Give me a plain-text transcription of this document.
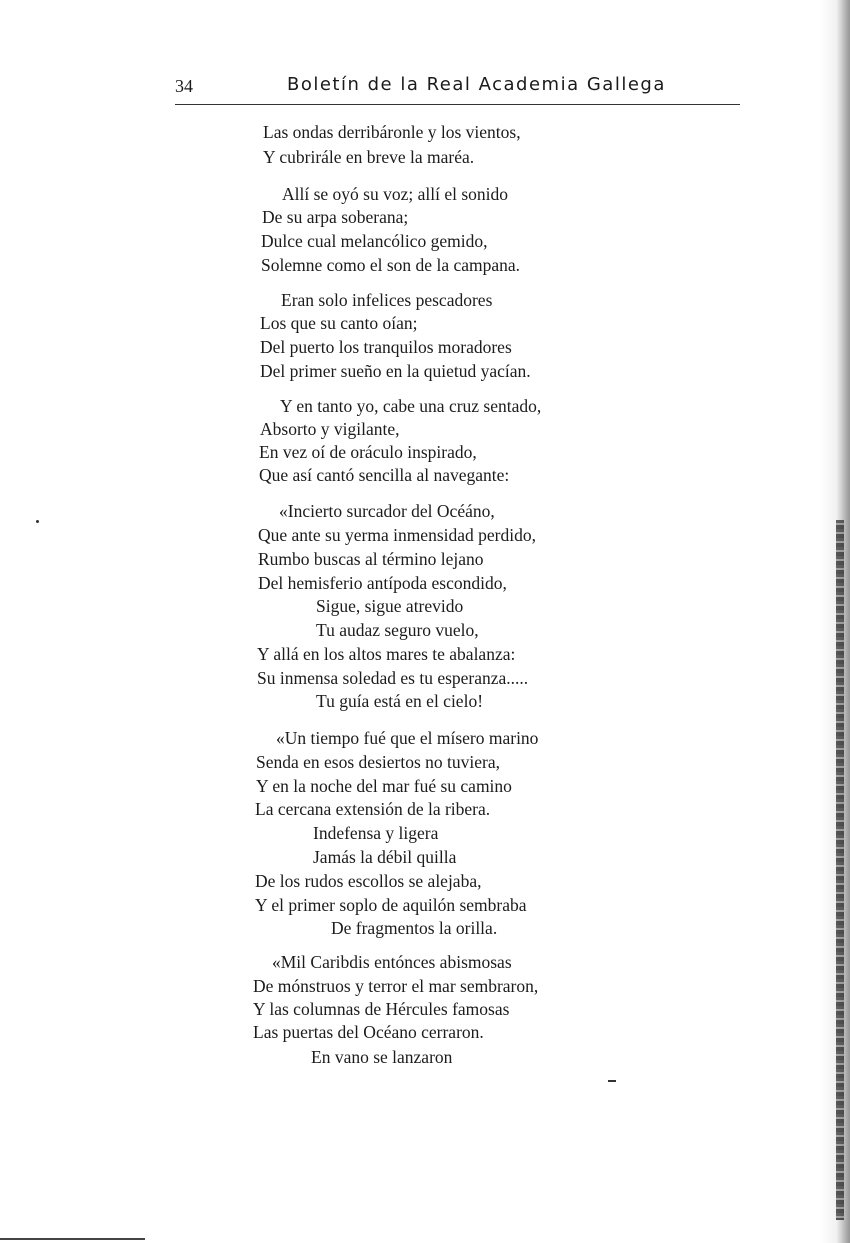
34	Boletín de la Real Academia Gallega
Las ondas derribáronle y los vientos,
Y cubrirále en breve la maréa.
Allí se oyó su voz; allí el sonido
De su arpa soberana;
Dulce cual melancólico gemido,
Solemne como el son de la campana.
Eran solo infelices pescadores
Los que su canto oían;
Del puerto los tranquilos moradores
Del primer sueño en la quietud yacían.
Y en tanto yo, cabe una cruz sentado,
Absorto y vigilante,
En vez oí de oráculo inspirado,
Que así cantó sencilla al navegante:
«Incierto surcador del Océáno,
Que ante su yerma inmensidad perdido,
Rumbo buscas al término lejano
Del hemisferio antípoda escondido,
Sigue, sigue atrevido
Tu audaz seguro vuelo,
Y allá en los altos mares te abalanza:
Su inmensa soledad es tu esperanza.....
Tu guía está en el cielo!
«Un tiempo fué que el mísero marino
Senda en esos desiertos no tuviera,
Y en la noche del mar fué su camino
La cercana extensión de la ribera.
Indefensa y ligera
Jamás la débil quilla
De los rudos escollos se alejaba,
Y el primer soplo de aquilón sembraba
De fragmentos la orilla.
«Mil Caribdis entónces abismosas
De mónstruos y terror el mar sembraron,
Y las columnas de Hércules famosas
Las puertas del Océano cerraron.
En vano se lanzaron
